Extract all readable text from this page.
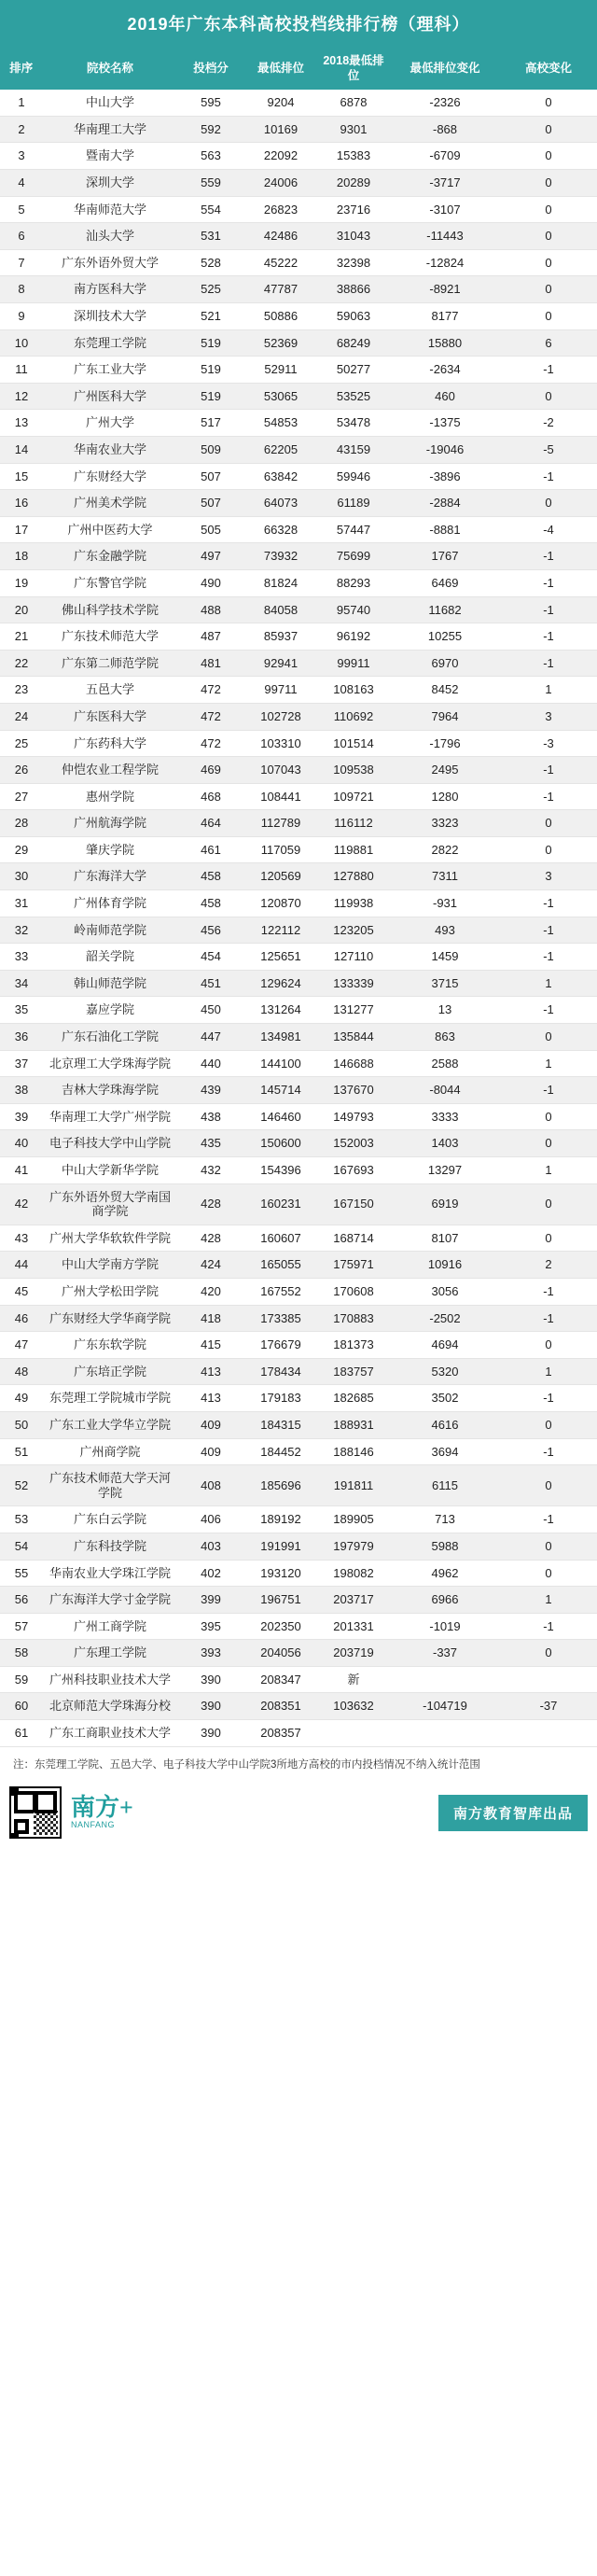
2019年广东本科高校投档线排行榜（理科）
排序	院校名称	投档分	最低排位	2018最低排位	最低排位变化	高校变化
1	中山大学	595	9204	6878	-2326	0
2	华南理工大学	592	10169	9301	-868	0
3	暨南大学	563	22092	15383	-6709	0
4	深圳大学	559	24006	20289	-3717	0
5	华南师范大学	554	26823	23716	-3107	0
6	汕头大学	531	42486	31043	-11443	0
7	广东外语外贸大学	528	45222	32398	-12824	0
8	南方医科大学	525	47787	38866	-8921	0
9	深圳技术大学	521	50886	59063	8177	0
10	东莞理工学院	519	52369	68249	15880	6
11	广东工业大学	519	52911	50277	-2634	-1
12	广州医科大学	519	53065	53525	460	0
13	广州大学	517	54853	53478	-1375	-2
14	华南农业大学	509	62205	43159	-19046	-5
15	广东财经大学	507	63842	59946	-3896	-1
16	广州美术学院	507	64073	61189	-2884	0
17	广州中医药大学	505	66328	57447	-8881	-4
18	广东金融学院	497	73932	75699	1767	-1
19	广东警官学院	490	81824	88293	6469	-1
20	佛山科学技术学院	488	84058	95740	11682	-1
21	广东技术师范大学	487	85937	96192	10255	-1
22	广东第二师范学院	481	92941	99911	6970	-1
23	五邑大学	472	99711	108163	8452	1
24	广东医科大学	472	102728	110692	7964	3
25	广东药科大学	472	103310	101514	-1796	-3
26	仲恺农业工程学院	469	107043	109538	2495	-1
27	惠州学院	468	108441	109721	1280	-1
28	广州航海学院	464	112789	116112	3323	0
29	肇庆学院	461	117059	119881	2822	0
30	广东海洋大学	458	120569	127880	7311	3
31	广州体育学院	458	120870	119938	-931	-1
32	岭南师范学院	456	122112	123205	493	-1
33	韶关学院	454	125651	127110	1459	-1
34	韩山师范学院	451	129624	133339	3715	1
35	嘉应学院	450	131264	131277	13	-1
36	广东石油化工学院	447	134981	135844	863	0
37	北京理工大学珠海学院	440	144100	146688	2588	1
38	吉林大学珠海学院	439	145714	137670	-8044	-1
39	华南理工大学广州学院	438	146460	149793	3333	0
40	电子科技大学中山学院	435	150600	152003	1403	0
41	中山大学新华学院	432	154396	167693	13297	1
42	广东外语外贸大学南国商学院	428	160231	167150	6919	0
43	广州大学华软软件学院	428	160607	168714	8107	0
44	中山大学南方学院	424	165055	175971	10916	2
45	广州大学松田学院	420	167552	170608	3056	-1
46	广东财经大学华商学院	418	173385	170883	-2502	-1
47	广东东软学院	415	176679	181373	4694	0
48	广东培正学院	413	178434	183757	5320	1
49	东莞理工学院城市学院	413	179183	182685	3502	-1
50	广东工业大学华立学院	409	184315	188931	4616	0
51	广州商学院	409	184452	188146	3694	-1
52	广东技术师范大学天河学院	408	185696	191811	6115	0
53	广东白云学院	406	189192	189905	713	-1
54	广东科技学院	403	191991	197979	5988	0
55	华南农业大学珠江学院	402	193120	198082	4962	0
56	广东海洋大学寸金学院	399	196751	203717	6966	1
57	广州工商学院	395	202350	201331	-1019	-1
58	广东理工学院	393	204056	203719	-337	0
59	广州科技职业技术大学	390	208347	新		
60	北京师范大学珠海分校	390	208351	103632	-104719	-37
61	广东工商职业技术大学	390	208357			
注：东莞理工学院、五邑大学、电子科技大学中山学院3所地方高校的市内投档情况不纳入统计范围
南方+
NANFANG
南方教育智库出品
